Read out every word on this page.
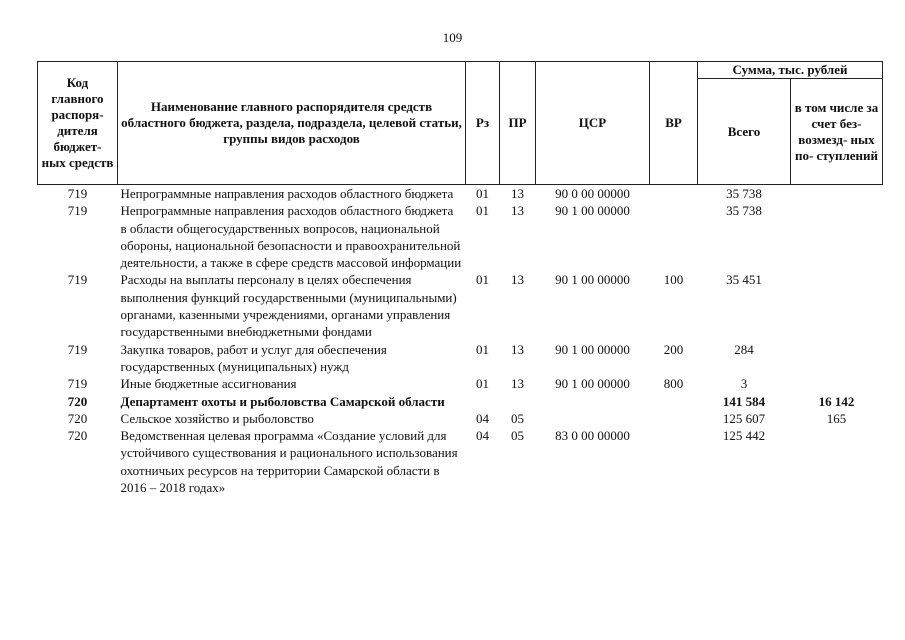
109
Код главного распоря- дителя бюджет- ных средств	Наименование главного распорядителя средств областного бюджета, раздела, подраздела, целевой статьи, группы видов расходов	Рз	ПР	ЦСР	ВР	Сумма, тыс. рублей	
						Всего	в том числе за счет без- возмезд- ных по- ступлений
719	Непрограммные направления расходов областного бюджета	01	13	90 0 00 00000		35 738	
719	Непрограммные направления расходов областного бюджета в области общегосударственных вопросов, национальной обороны, национальной безопасности и правоохранительной деятельности, а также в сфере средств массовой информации	01	13	90 1 00 00000		35 738	
719	Расходы на выплаты персоналу в целях обеспечения выполнения функций государственными (муниципальными) органами, казенными учреждениями, органами управления государственными внебюджетными фондами	01	13	90 1 00 00000	100	35 451	
719	Закупка товаров, работ и услуг для обеспечения государственных (муниципальных) нужд	01	13	90 1 00 00000	200	284	
719	Иные бюджетные ассигнования	01	13	90 1 00 00000	800	3	
720	Департамент охоты и рыболовства Самарской области					141 584	16 142
720	Сельское хозяйство и рыболовство	04	05			125 607	165
720	Ведомственная целевая программа «Создание условий для устойчивого существования и рационального использования охотничьих ресурсов на территории Самарской области в 2016 – 2018 годах»	04	05	83 0 00 00000		125 442	
